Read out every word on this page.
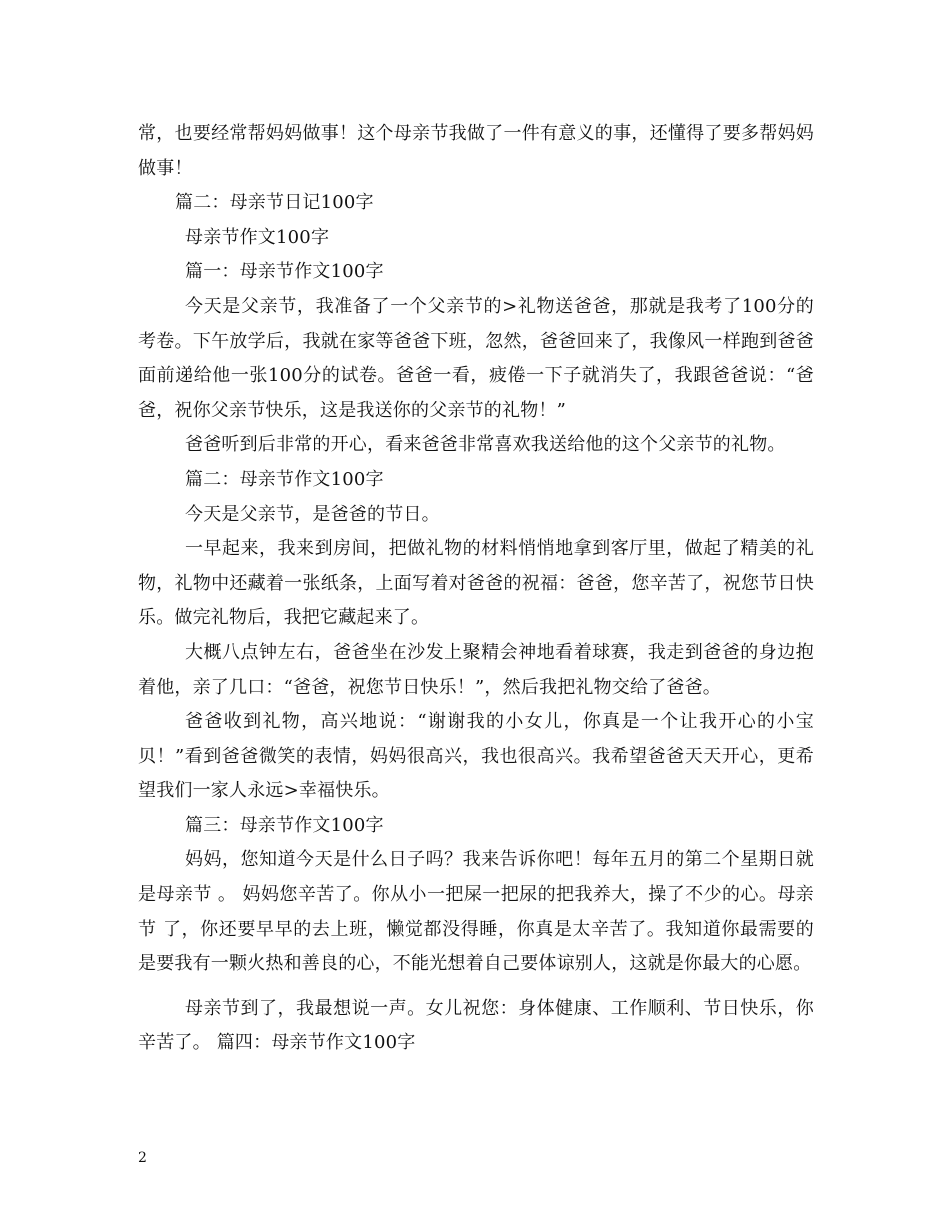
常，也要经常帮妈妈做事！这个母亲节我做了一件有意义的事，还懂得了要多帮妈妈做事！

篇二：母亲节日记100字

母亲节作文100字

篇一：母亲节作文100字

今天是父亲节，我准备了一个父亲节的>礼物送爸爸，那就是我考了100分的考卷。下午放学后，我就在家等爸爸下班，忽然，爸爸回来了，我像风一样跑到爸爸面前递给他一张100分的试卷。爸爸一看，疲倦一下子就消失了，我跟爸爸说：“爸爸，祝你父亲节快乐，这是我送你的父亲节的礼物！”

爸爸听到后非常的开心，看来爸爸非常喜欢我送给他的这个父亲节的礼物。

篇二：母亲节作文100字

今天是父亲节，是爸爸的节日。

一早起来，我来到房间，把做礼物的材料悄悄地拿到客厅里，做起了精美的礼物，礼物中还藏着一张纸条，上面写着对爸爸的祝福：爸爸，您辛苦了，祝您节日快乐。做完礼物后，我把它藏起来了。

大概八点钟左右，爸爸坐在沙发上聚精会神地看着球赛，我走到爸爸的身边抱着他，亲了几口：“爸爸，祝您节日快乐！”，然后我把礼物交给了爸爸。

爸爸收到礼物，高兴地说：“谢谢我的小女儿，你真是一个让我开心的小宝贝！”看到爸爸微笑的表情，妈妈很高兴，我也很高兴。我希望爸爸天天开心，更希望我们一家人永远>幸福快乐。

篇三：母亲节作文100字

妈妈，您知道今天是什么日子吗？我来告诉你吧！每年五月的第二个星期日就是母亲节 。 妈妈您辛苦了。你从小一把屎一把尿的把我养大，操了不少的心。母亲节 了，你还要早早的去上班，懒觉都没得睡，你真是太辛苦了。我知道你最需要的是要我有一颗火热和善良的心，不能光想着自己要体谅别人，这就是你最大的心愿。

母亲节到了，我最想说一声。女儿祝您：身体健康、工作顺利、节日快乐，你辛苦了。 篇四：母亲节作文100字

2
